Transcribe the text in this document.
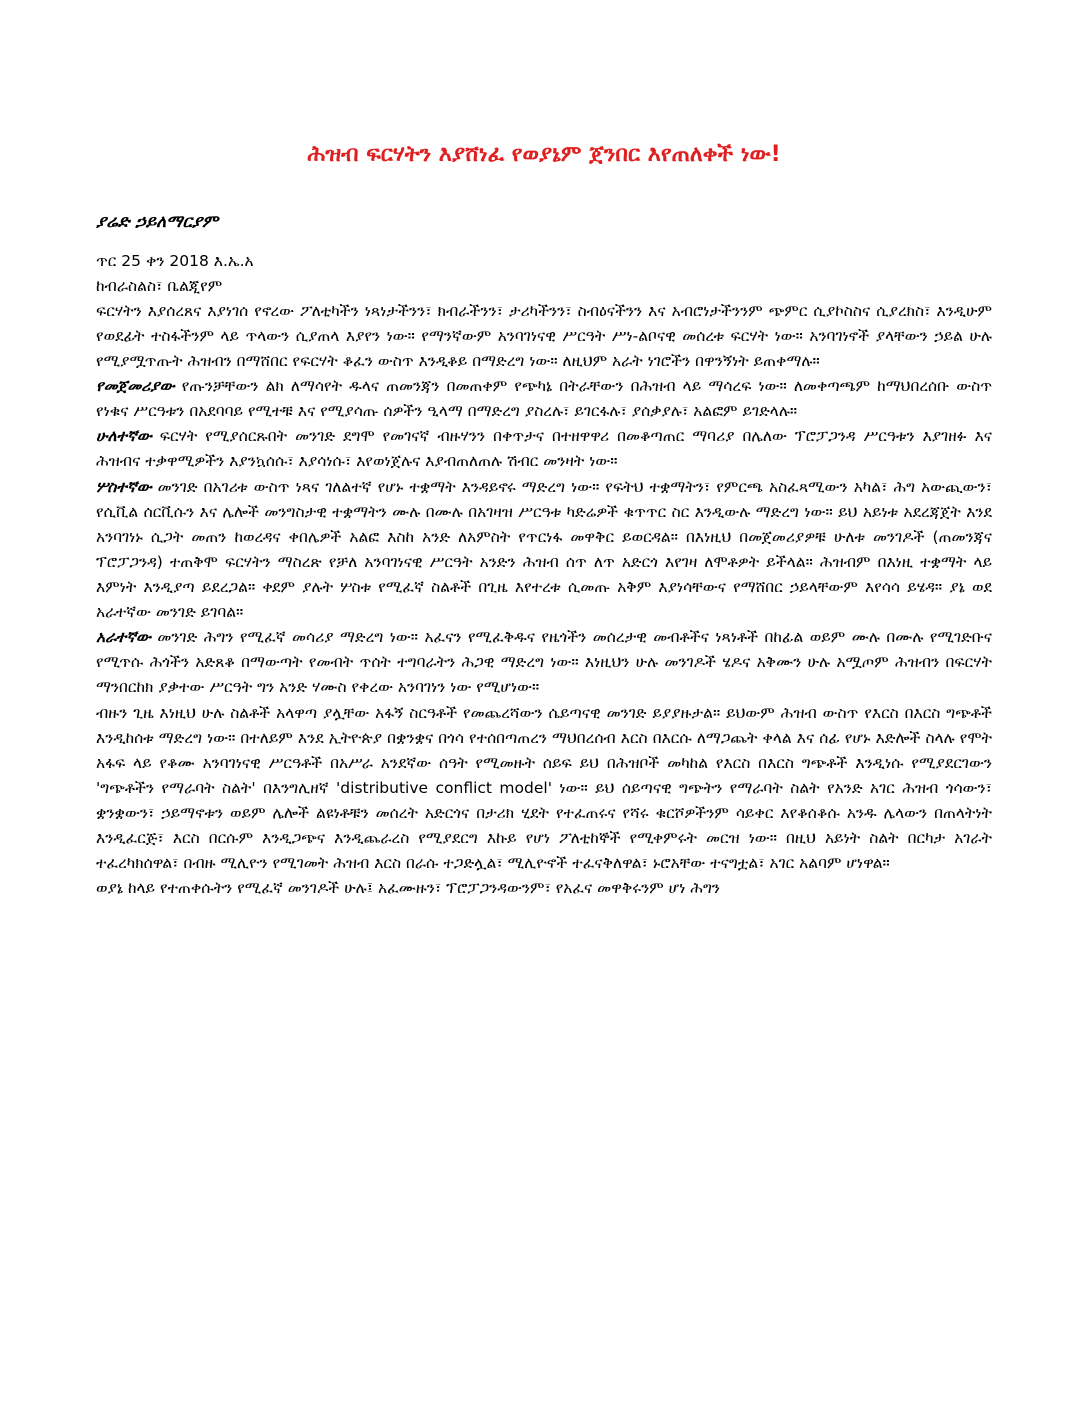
ሕዝብ ፍርሃትን እያሸነፈ የወያኔም ጀንበር እየጠለቀች ነው!
ያሬድ ኃይለማርያም
ጥር 25 ቀን 2018 እ.ኤ.አ
ከብራስልስ፣ ቤልጂየም

ፍርሃትን እያሰረጸና እያነገሰ የኖረው ፖለቲካችን ነጻነታችንን፣ ክብራችንን፣ ታሪካችንን፣ ስብዕናችንን እና አብሮነታችንንም ጭምር ሲያኮስስና ሲያረክስ፣ እንዲሁም የወደፊት ተስፋችንም ላይ ጥላውን ሲያጠላ እያየን ነው። የማንኛውም አንባገነናዊ ሥርዓት ሥነ-ልቦናዊ መሰረቱ ፍርሃት ነው። አንባገነኖች ያላቸውን ኃይል ሁሉ የሚያሟጥጡት ሕዝብን በማሸበር የፍርሃት ቆፈን ውስጥ እንዲቆይ በማድረግ ነው። ለዚህም አራት ነገሮችን በዋንኝነት ይጠቀማሉ።

የመጀመሪያው የጡንቻቸውን ልክ ለማሳየት ዱላና ጠመንጃን በመጠቀም የጭካኔ በትራቸውን በሕዝብ ላይ ማሳረፍ ነው። ለመቀጣጫም ከማህበረሰቡ ውስጥ የነቁና ሥርዓቱን በአደባባይ የሚተቹ እና የሚያሳጡ ሰዎችን ዒላማ በማድረግ ያስረሉ፣ ይገርፋሉ፣ ያሰቃያሉ፣ አልፎም ይገድላሉ።

ሁለተኛው ፍርሃት የሚያሰርጹበት መንገድ ደግሞ የመገናኛ ብዙሃንን በቀጥታና በተዘዋዋሪ በመቆጣጠር ማባሪያ በሌለው ፕሮፓጋንዳ ሥርዓቱን እያገዘፉ እና ሕዝብና ተቃዋሚዎችን እያንኳሰሱ፣ እያሳነሱ፣ እየወነጀሉና እያብጠለጠሉ ሽብር መንዛት ነው።

ሦስተኛው መንገድ በአገሪቱ ውስጥ ነጻና ገለልተኛ የሆኑ ተቋማት እንዳይኖሩ ማድረግ ነው። የፍትህ ተቋማትን፣ የምርጫ አስፈጻሚውን አካል፣ ሕግ አውጪውን፣ የሲቪል ሰርቪሱን እና ሌሎች መንግስታዊ ተቋማትን ሙሉ በሙሉ በአገዛዝ ሥርዓቱ ካድሬዎች ቁጥጥር ስር እንዲውሉ ማድረግ ነው። ይህ አይነቱ አደረጃጀት እንደ አንባገነኑ ሲጋት መጠን ከወረዳና ቀበሌዎች አልፎ እስከ አንድ ለአምስት የጥርነፋ መዋቅር ይወርዳል። በእነዚህ በመጀመሪያዎቹ ሁለቱ መንገዶች (ጠመንጃና ፕሮፓጋንዳ) ተጠቅሞ ፍርሃትን ማስረጽ የቻለ አንባገነናዊ ሥርዓት አንድን ሕዝብ ሰጥ ለጥ አድርጎ እየገዛ ለሞቶዎት ይችላል። ሕዝብም በእነዚ ተቋማት ላይ እምነት እንዲያጣ ይደረጋል። ቀደም ያሉት ሦስቱ የሚፈኛ ስልቶች በጊዜ እየተረቱ ሲመጡ አቅም እያነሳቸውና የማሸበር ኃይላቸውም እየሳሳ ይሄዳ። ያኔ ወደ አራተኛው መንገድ ይገባል።

አራተኛው መንገድ ሕግን የሚፈኛ መሳሪያ ማድረግ ነው። አፈናን የሚፈቅዱና የዜጎችን መሰረታዊ መብቶችና ነጻነቶች በከፊል ወይም ሙሉ በሙሉ የሚገድቡና የሚጥሱ ሕጎችን አድጸቆ በማውጣት የመብት ጥሰት ተግባራትን ሕጋዊ ማድረግ ነው። እነዚህን ሁሉ መንገዶች ሄዶና አቅሙን ሁሉ አሟጦም ሕዝብን በፍርሃት ማንበርከክ ያቃተው ሥርዓት ግን አንድ ሃሙስ የቀረው አንባገነን ነው የሚሆነው።

ብዙን ጊዜ እነዚህ ሁሉ ስልቶች አላዋጣ ያሏቸው አፋኝ ስርዓቶች የመጨረሻውን ሴይጣናዊ መንገድ ይያያዙታል። ይህውም ሕዝብ ውስጥ የእርስ በእርስ ግጭቶች እንዲከሰቱ ማድረግ ነው። በተለይም እንደ ኢትዮጵያ በቋንቋና በጎሳ የተሰበጣጠረን ማህበረሰብ እርስ በእርሱ ለማጋጨት ቀላል እና ሰፊ የሆኑ እድሎች ስላሉ የሞት አፋፍ ላይ የቆሙ አንባገነናዊ ሥርዓቶች በአሥራ አንደኛው ሰዓት የሚመዙት ሰይፍ ይህ በሕዝቦች መካከል የእርስ በእርስ ግጭቶች እንዲነሱ የሚያደርገውን 'ግጭቶችን የማራባት ስልት' በእንግሊዘኛ 'distributive conflict model' ነው። ይህ ሰይጣናዊ ግጭትን የማራባት ስልት የአንድ አገር ሕዝብ ጎሳውን፣ ቋንቋውን፣ ኃይማኖቱን ወይም ሌሎች ልዩነቶቹን መሰረት አድርጎና በታሪክ ሂደት የተፈጠሩና የሻሩ ቁርሾዎችንም ሳይቀር እየቆሰቆሱ አንዱ ሌላውን በጠላትነት እንዲፈርጅ፣ እርስ በርሱም እንዲጋጭና እንዲጨራረስ የሚያደርግ እኩይ የሆነ ፖለቲከኞች የሚቀምሩት መርዝ ነው። በዚህ አይነት ስልት በርካታ አገራት ተፈረካክሰዋል፣ በብዙ ሚሊዮን የሚገመት ሕዝብ እርስ በራሱ ተጋድሏል፣ ሚሊዮኖች ተፈናቅለዋል፣ ኑሮአቸው ተናግቷል፣ አገር አልባም ሆነዋል።

ወያኔ ከላይ የተጠቀሱትን የሚፈኛ መንገዶች ሁሉ፤ አፈሙዙን፣ ፕሮፓጋንዳውንም፣ የአፈና መዋቅሩንም ሆነ ሕግን
